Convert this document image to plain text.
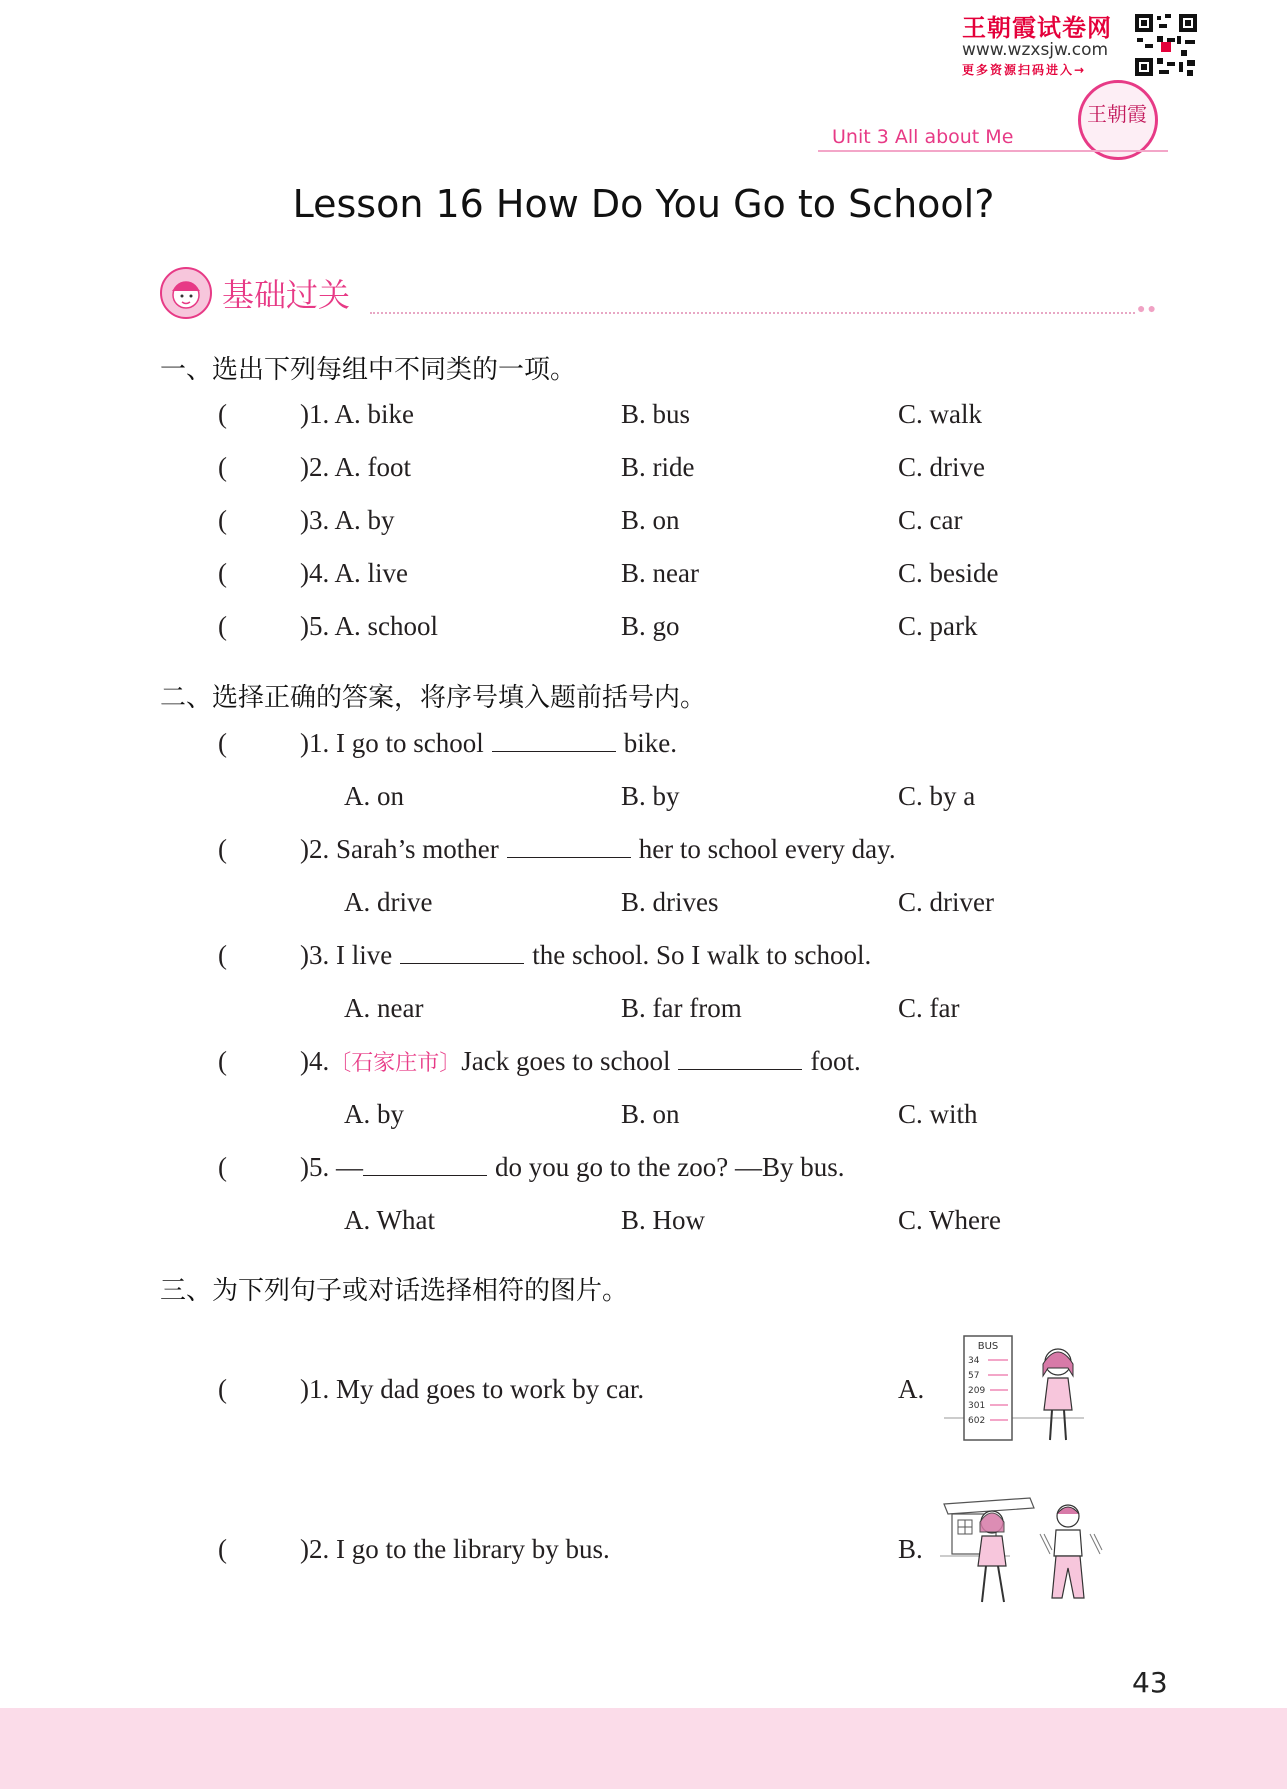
王朝霞试卷网
www.wzxsjw.com
更多资源扫码进入→
王朝霞
Unit 3 All about Me
Lesson 16 How Do You Go to School?
基础过关	●●
一、选出下列每组中不同类的一项。
(	)1. A. bike	B. bus	C. walk
(	)2. A. foot	B. ride	C. drive
(	)3. A. by	B. on	C. car
(	)4. A. live	B. near	C. beside
(	)5. A. school	B. go	C. park
二、选择正确的答案，将序号填入题前括号内。
(	)1. I go to school	bike.
A. on	B. by	C. by a
(	)2. Sarah’s mother	her to school every day.
A. drive	B. drives	C. driver
(	)3. I live	the school. So I walk to school.
A. near	B. far from	C. far
(	)4.〔石家庄市〕Jack goes to school	foot.
A. by	B. on	C. with
(	)5. —	do you go to the zoo? —By bus.
A. What	B. How	C. Where
三、为下列句子或对话选择相符的图片。
(	)1. My dad goes to work by car.	A.
BUS
34
57
209
301
602
(	)2. I go to the library by bus.	B.
43
